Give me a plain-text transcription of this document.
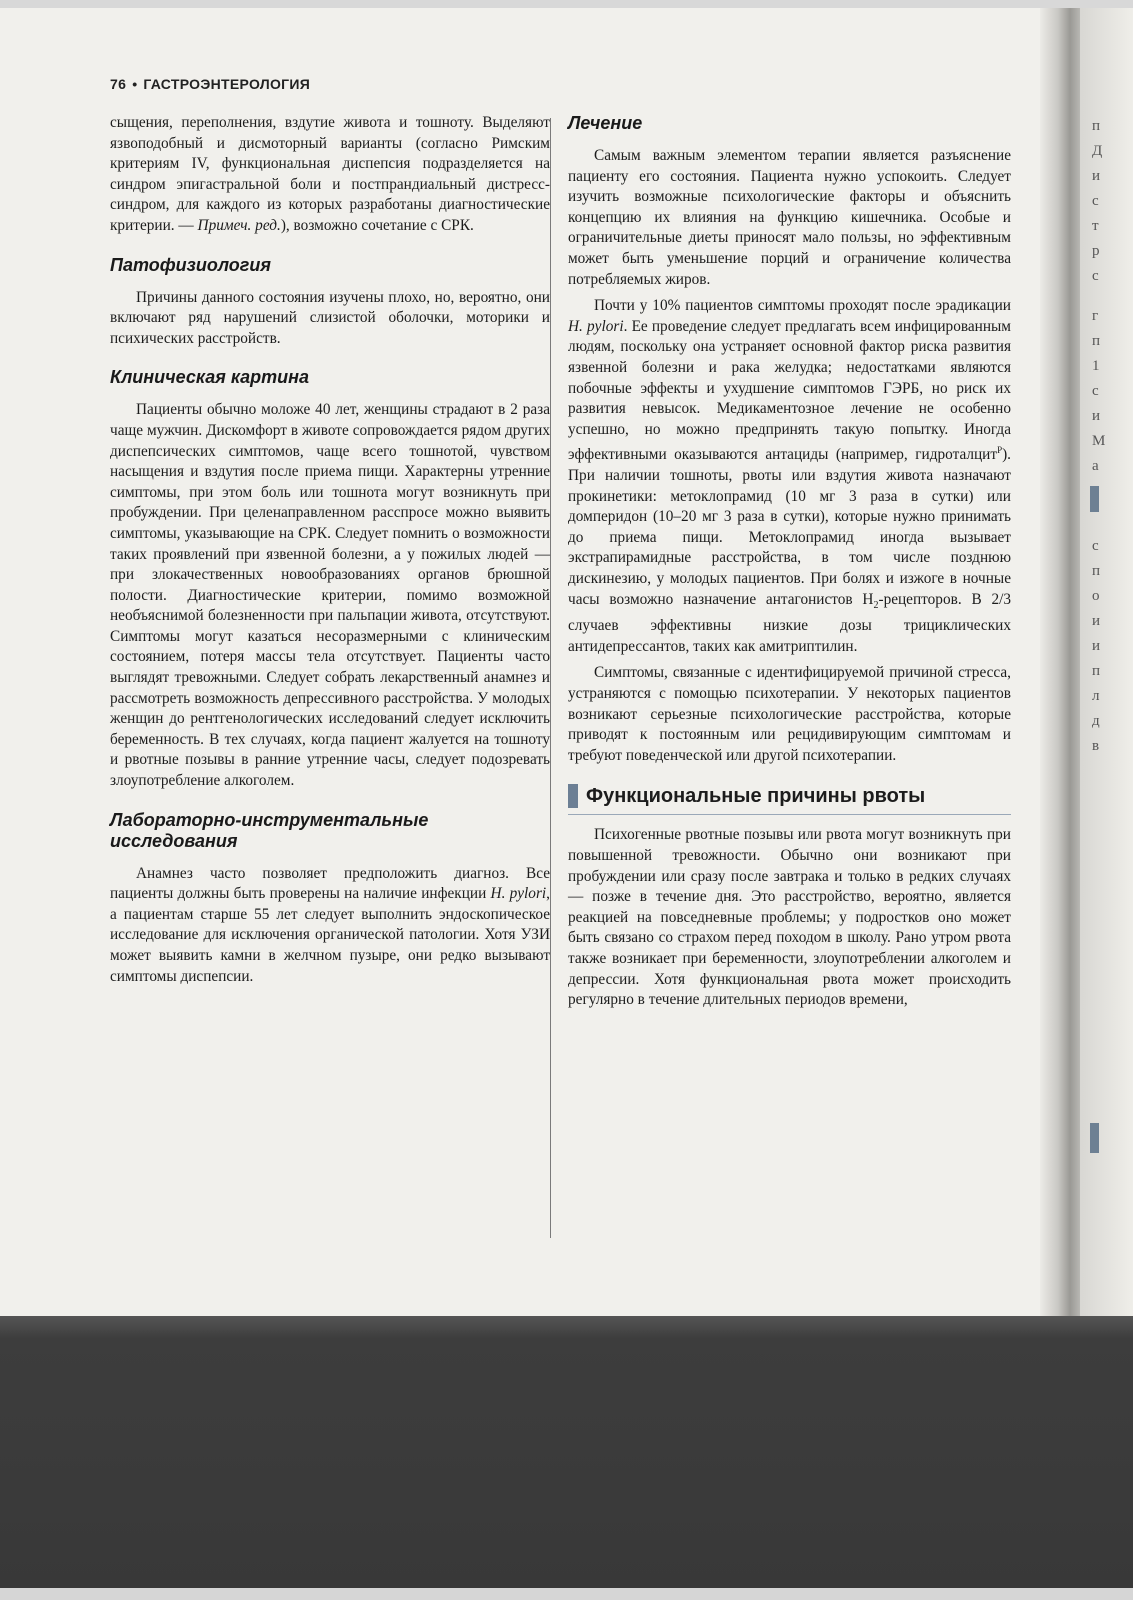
п
Д
и
с
т
р
с
г
п
1
с
и
М
а
с
п
о
и
и
п
л
д
в
76 • ГАСТРОЭНТЕРОЛОГИЯ

сыщения, переполнения, вздутие живота и тошноту. Выделяют язвоподобный и дисмоторный варианты (согласно Римским критериям IV, функциональная диспепсия подразделяется на синдром эпигастральной боли и постпрандиальный дистресс-синдром, для каждого из которых разработаны диагностические критерии. — Примеч. ред.), возможно сочетание с СРК.

Патофизиология

Причины данного состояния изучены плохо, но, вероятно, они включают ряд нарушений слизистой оболочки, моторики и психических расстройств.

Клиническая картина

Пациенты обычно моложе 40 лет, женщины страдают в 2 раза чаще мужчин. Дискомфорт в животе сопровождается рядом других диспепсических симптомов, чаще всего тошнотой, чувством насыщения и вздутия после приема пищи. Характерны утренние симптомы, при этом боль или тошнота могут возникнуть при пробуждении. При целенаправленном расспросе можно выявить симптомы, указывающие на СРК. Следует помнить о возможности таких проявлений при язвенной болезни, а у пожилых людей — при злокачественных новообразованиях органов брюшной полости. Диагностические критерии, помимо возможной необъяснимой болезненности при пальпации живота, отсутствуют. Симптомы могут казаться несоразмерными с клиническим состоянием, потеря массы тела отсутствует. Пациенты часто выглядят тревожными. Следует собрать лекарственный анамнез и рассмотреть возможность депрессивного расстройства. У молодых женщин до рентгенологических исследований следует исключить беременность. В тех случаях, когда пациент жалуется на тошноту и рвотные позывы в ранние утренние часы, следует подозревать злоупотребление алкоголем.

Лабораторно-инструментальные
исследования

Анамнез часто позволяет предположить диагноз. Все пациенты должны быть проверены на наличие инфекции H. pylori, а пациентам старше 55 лет следует выполнить эндоскопическое исследование для исключения органической патологии. Хотя УЗИ может выявить камни в желчном пузыре, они редко вызывают симптомы диспепсии.

Лечение

Самым важным элементом терапии является разъяснение пациенту его состояния. Пациента нужно успокоить. Следует изучить возможные психологические факторы и объяснить концепцию их влияния на функцию кишечника. Особые и ограничительные диеты приносят мало пользы, но эффективным может быть уменьшение порций и ограничение количества потребляемых жиров.

Почти у 10% пациентов симптомы проходят после эрадикации H. pylori. Ее проведение следует предлагать всем инфицированным людям, поскольку она устраняет основной фактор риска развития язвенной болезни и рака желудка; недостатками являются побочные эффекты и ухудшение симптомов ГЭРБ, но риск их развития невысок. Медикаментозное лечение не особенно успешно, но можно предпринять такую попытку. Иногда эффективными оказываются антациды (например, гидроталцит$^Р$). При наличии тошноты, рвоты или вздутия живота назначают прокинетики: метоклопрамид (10 мг 3 раза в сутки) или домперидон (10–20 мг 3 раза в сутки), которые нужно принимать до приема пищи. Метоклопрамид иногда вызывает экстрапирамидные расстройства, в том числе позднюю дискинезию, у молодых пациентов. При болях и изжоге в ночные часы возможно назначение антагонистов $H_2$-рецепторов. В 2/3 случаев эффективны низкие дозы трициклических антидепрессантов, таких как амитриптилин.

Симптомы, связанные с идентифицируемой причиной стресса, устраняются с помощью психотерапии. У некоторых пациентов возникают серьезные психологические расстройства, которые приводят к постоянным или рецидивирующим симптомам и требуют поведенческой или другой психотерапии.

Функциональные причины рвоты

Психогенные рвотные позывы или рвота могут возникнуть при повышенной тревожности. Обычно они возникают при пробуждении или сразу после завтрака и только в редких случаях — позже в течение дня. Это расстройство, вероятно, является реакцией на повседневные проблемы; у подростков оно может быть связано со страхом перед походом в школу. Рано утром рвота также возникает при беременности, злоупотреблении алкоголем и депрессии. Хотя функциональная рвота может происходить регулярно в течение длительных периодов времени,
